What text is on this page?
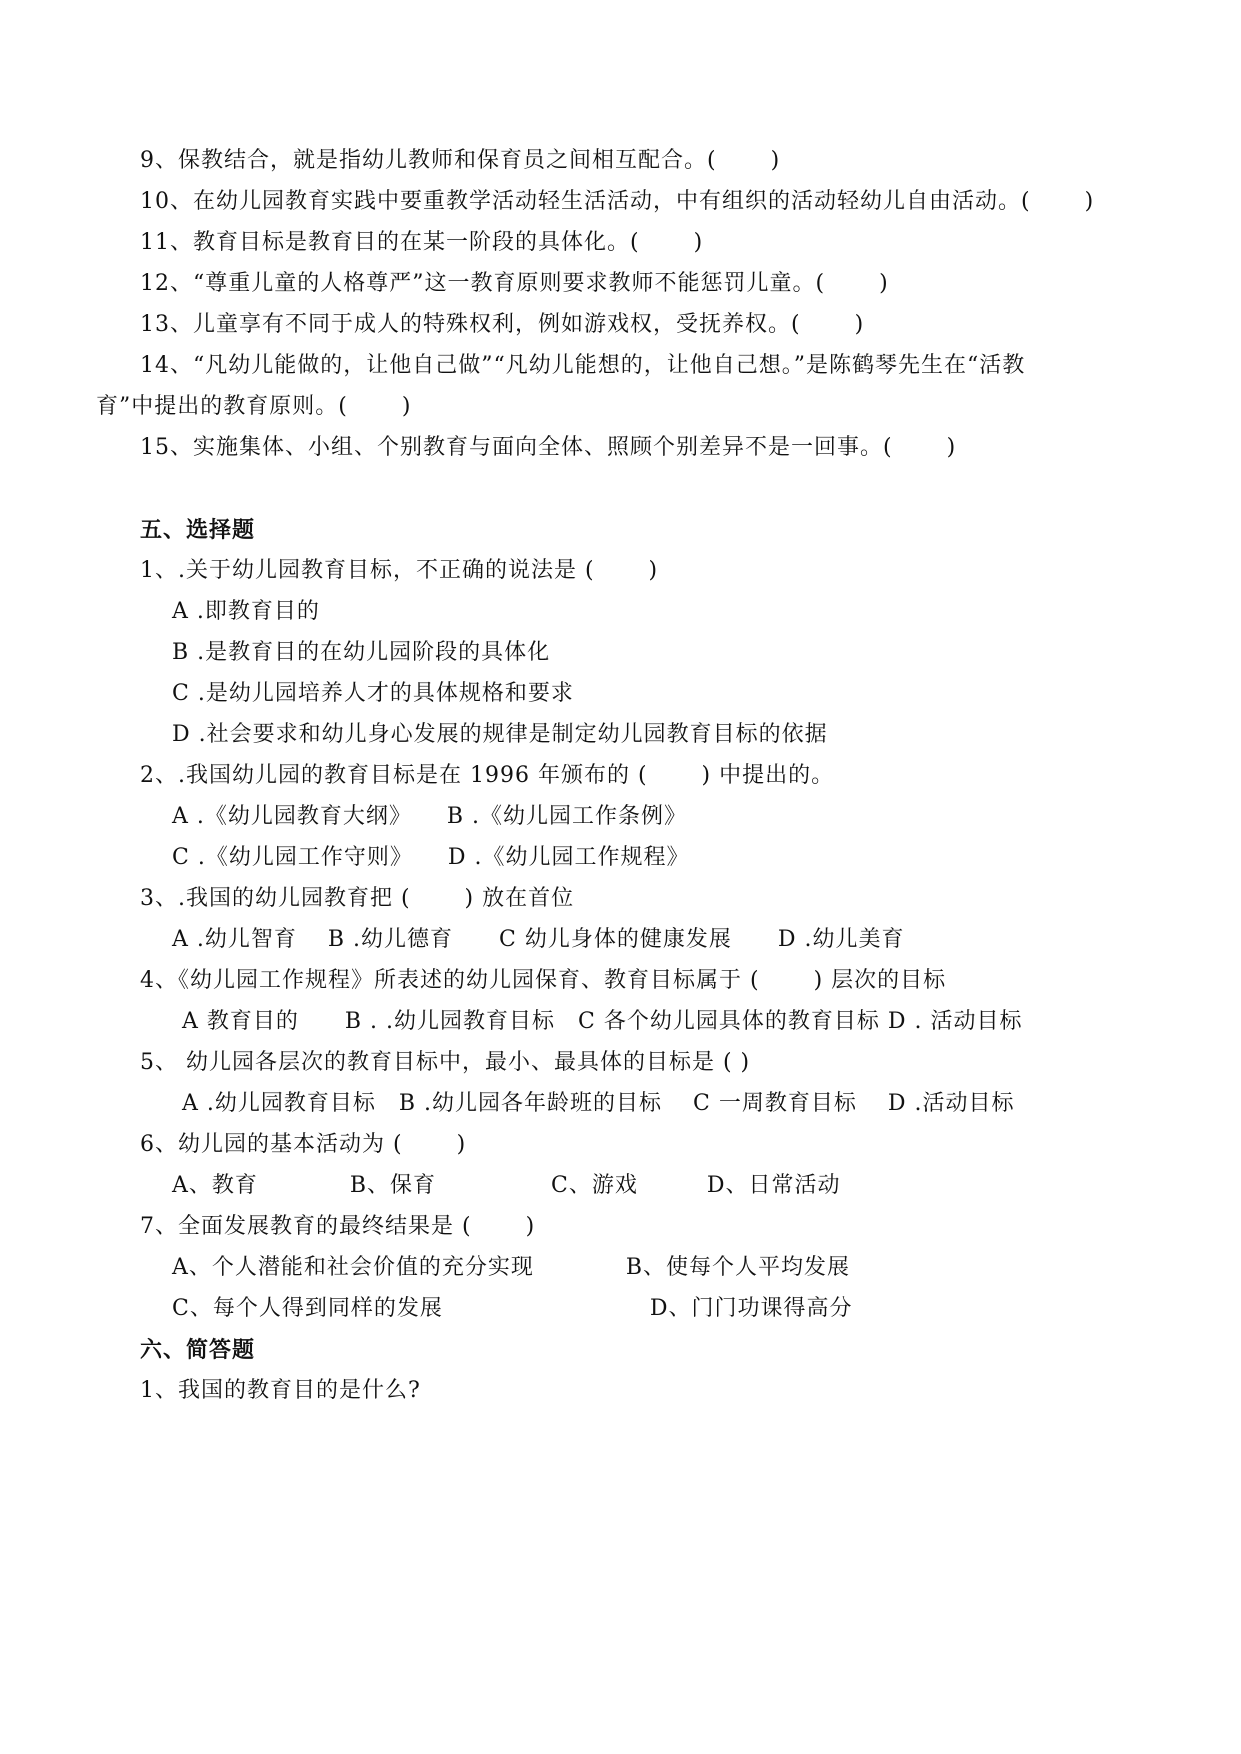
9、保教结合，就是指幼儿教师和保育员之间相互配合。(　　 )
10、在幼儿园教育实践中要重教学活动轻生活活动，中有组织的活动轻幼儿自由活动。(　　 )
11、教育目标是教育目的在某一阶段的具体化。(　　 )
12、“尊重儿童的人格尊严”这一教育原则要求教师不能惩罚儿童。(　　 )
13、儿童享有不同于成人的特殊权利，例如游戏权，受抚养权。(　　 )
14、“凡幼儿能做的，让他自己做”“凡幼儿能想的，让他自己想。”是陈鹤琴先生在“活教
育”中提出的教育原则。(　　 )
15、实施集体、小组、个别教育与面向全体、照顾个别差异不是一回事。(　　 )
五、选择题
1、.关于幼儿园教育目标，不正确的说法是 (　　 )
A .即教育目的
B .是教育目的在幼儿园阶段的具体化
C .是幼儿园培养人才的具体规格和要求
D .社会要求和幼儿身心发展的规律是制定幼儿园教育目标的依据
2、.我国幼儿园的教育目标是在 1996 年颁布的 (　　 ) 中提出的。
A .《幼儿园教育大纲》　　B .《幼儿园工作条例》
C .《幼儿园工作守则》　　D .《幼儿园工作规程》
3、.我国的幼儿园教育把 (　　 ) 放在首位
A .幼儿智育　 B .幼儿德育　　C 幼儿身体的健康发展　　D .幼儿美育
4、《幼儿园工作规程》所表述的幼儿园保育、教育目标属于 (　　 ) 层次的目标
A 教育目的　　B . .幼儿园教育目标　C 各个幼儿园具体的教育目标 D . 活动目标
5、 幼儿园各层次的教育目标中，最小、最具体的目标是 ( )
A .幼儿园教育目标　B .幼儿园各年龄班的目标　 C 一周教育目标　 D .活动目标
6、幼儿园的基本活动为 (　　 )
A、教育　　　　B、保育　　　　　C、游戏　　　D、日常活动
7、全面发展教育的最终结果是 (　　 )
A、个人潜能和社会价值的充分实现　　　　B、使每个人平均发展
C、每个人得到同样的发展　　　　　　　　　D、门门功课得高分
六、简答题
1、我国的教育目的是什么?
